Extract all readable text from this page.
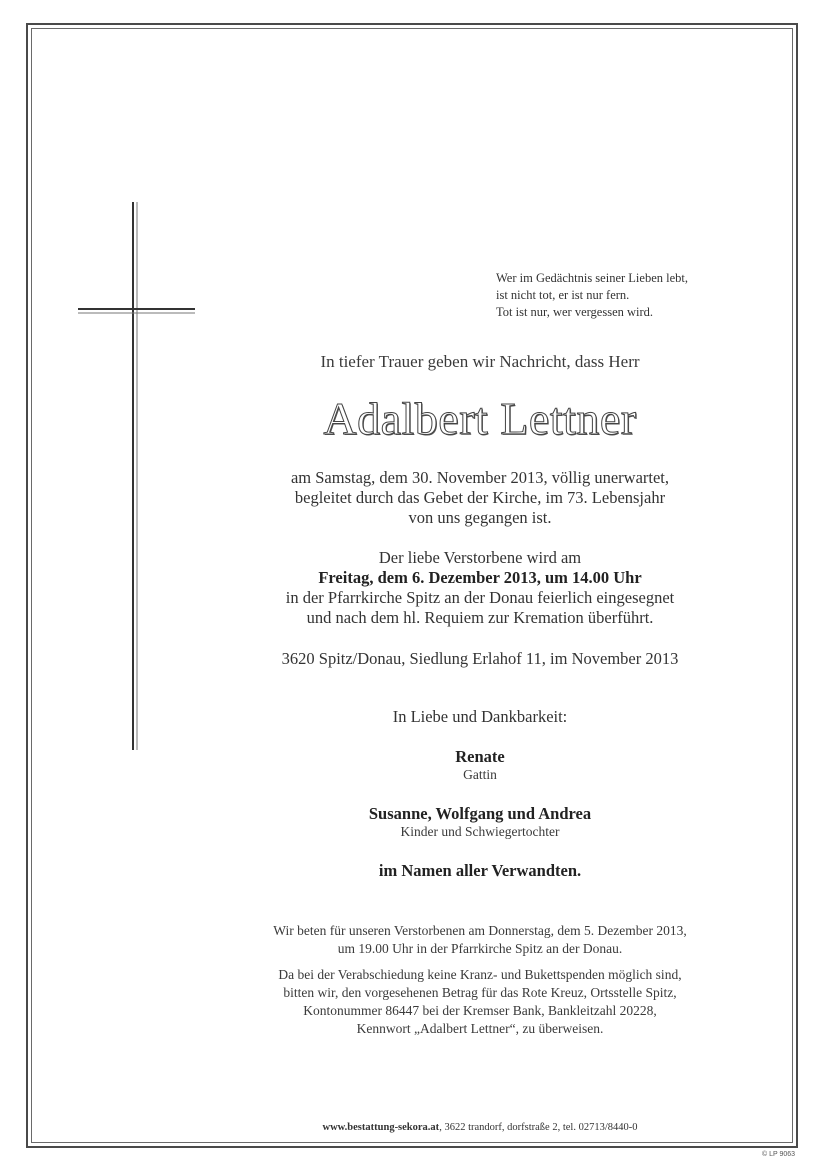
Wer im Gedächtnis seiner Lieben lebt,
ist nicht tot, er ist nur fern.
Tot ist nur, wer vergessen wird.
In tiefer Trauer geben wir Nachricht, dass Herr
Adalbert Lettner
am Samstag, dem 30. November 2013, völlig unerwartet,
begleitet durch das Gebet der Kirche, im 73. Lebensjahr
von uns gegangen ist.
Der liebe Verstorbene wird am
Freitag, dem 6. Dezember 2013, um 14.00 Uhr
in der Pfarrkirche Spitz an der Donau feierlich eingesegnet
und nach dem hl. Requiem zur Kremation überführt.
3620 Spitz/Donau, Siedlung Erlahof 11, im November 2013
In Liebe und Dankbarkeit:
Renate
Gattin
Susanne, Wolfgang und Andrea
Kinder und Schwiegertochter
im Namen aller Verwandten.
Wir beten für unseren Verstorbenen am Donnerstag, dem 5. Dezember 2013,
um 19.00 Uhr in der Pfarrkirche Spitz an der Donau.
Da bei der Verabschiedung keine Kranz- und Bukettspenden möglich sind,
bitten wir, den vorgesehenen Betrag für das Rote Kreuz, Ortsstelle Spitz,
Kontonummer 86447 bei der Kremser Bank, Bankleitzahl 20228,
Kennwort „Adalbert Lettner“, zu überweisen.
www.bestattung-sekora.at, 3622 trandorf, dorfstraße 2, tel. 02713/8440-0
© LP 9063
